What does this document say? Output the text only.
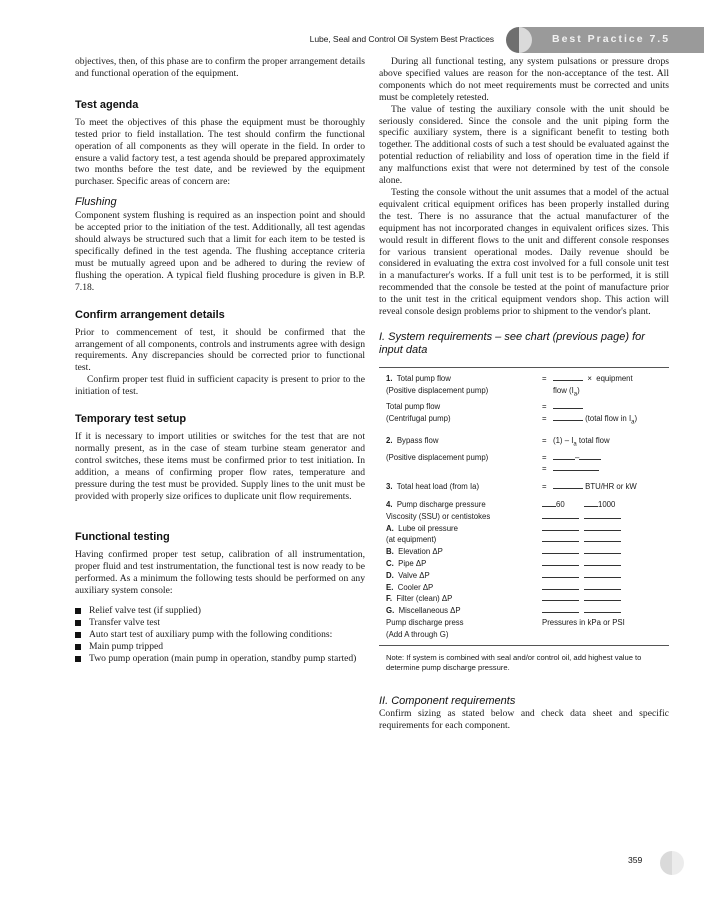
Lube, Seal and Control Oil System Best Practices	Best Practice 7.5

objectives, then, of this phase are to confirm the proper arrangement details and functional operation of the equipment.

Test agenda

To meet the objectives of this phase the equipment must be thoroughly tested prior to field installation. The test should confirm the functional operation of all components as they will operate in the field. In order to ensure a valid factory test, a test agenda should be prepared approximately two months before the test date, and be reviewed by the equipment purchaser. Specific areas of concern are:

Flushing

Component system flushing is required as an inspection point and should be accepted prior to the initiation of the test. Additionally, all test agendas should always be structured such that a limit for each item to be tested is specifically defined in the test agenda. The flushing acceptance criteria must be mutually agreed upon and be adhered to during the review of flushing the operation. A typical field flushing procedure is given in B.P. 7.18.

Confirm arrangement details

Prior to commencement of test, it should be confirmed that the arrangement of all components, controls and instruments agree with design requirements. Any discrepancies should be corrected prior to functional test.

Confirm proper test fluid in sufficient capacity is present to prior to the initiation of test.

Temporary test setup

If it is necessary to import utilities or switches for the test that are not normally present, as in the case of steam turbine steam generator and control switches, these items must be confirmed prior to test initiation. In addition, a means of confirming proper flow rates, temperature and pressure during the test must be provided. Supply lines to the unit must be provided with properly size orifices to duplicate unit flow requirements.

Functional testing

Having confirmed proper test setup, calibration of all instrumentation, proper fluid and test instrumentation, the functional test is now ready to be performed. As a minimum the following tests should be performed on any auxiliary system console:

Relief valve test (if supplied)
Transfer valve test
Auto start test of auxiliary pump with the following conditions:
Main pump tripped
Two pump operation (main pump in operation, standby pump started)

During all functional testing, any system pulsations or pressure drops above specified values are reason for the non-acceptance of the test. All components which do not meet requirements must be corrected and units must be completely retested.

The value of testing the auxiliary console with the unit should be seriously considered. Since the console and the unit piping form the specific auxiliary system, there is a significant benefit to testing both together. The additional costs of such a test should be evaluated against the potential reduction of reliability and loss of operation time in the field if any malfunctions exist that were not determined by test of the console alone.

Testing the console without the unit assumes that a model of the actual equivalent critical equipment orifices has been properly installed during the test. There is no assurance that the actual manufacturer of the equipment has not incorporated changes in equivalent orifices sizes. This would result in different flows to the unit and different console responses for various transient operational modes. Daily revenue should be considered in evaluating the extra cost involved for a full console unit test in a manufacturer's works. If a full unit test is to be performed, it is still recommended that the console be tested at the point of manufacture prior to the unit test in the critical equipment vendors shop. This action will reveal console design problems prior to shipment to the vendor's plant.

I. System requirements – see chart (previous page) for input data
1. Total pump flow	=	× equipment
(Positive displacement pump)	flow $(I_a)$
Total pump flow	=
(Centrifugal pump)	=	(total flow in $I_a$)
2. Bypass flow	= $(1) - I_a$ total flow
(Positive displacement pump)	=	–
=
3. Total heat load (from Ia)	=	BTU/HR or kW
4. Pump discharge pressure	60	1000
Viscosity (SSU) or centistokes
A. Lube oil pressure
(at equipment)
B. Elevation ΔP
C. Pipe ΔP
D. Valve ΔP
E. Cooler ΔP
F. Filter (clean) ΔP
G. Miscellaneous ΔP
Pump discharge press	Pressures in kPa or PSI
(Add A through G)
Note: If system is combined with seal and/or control oil, add highest value to determine pump discharge pressure.
II. Component requirements

Confirm sizing as stated below and check data sheet and specific requirements for each component.

359
